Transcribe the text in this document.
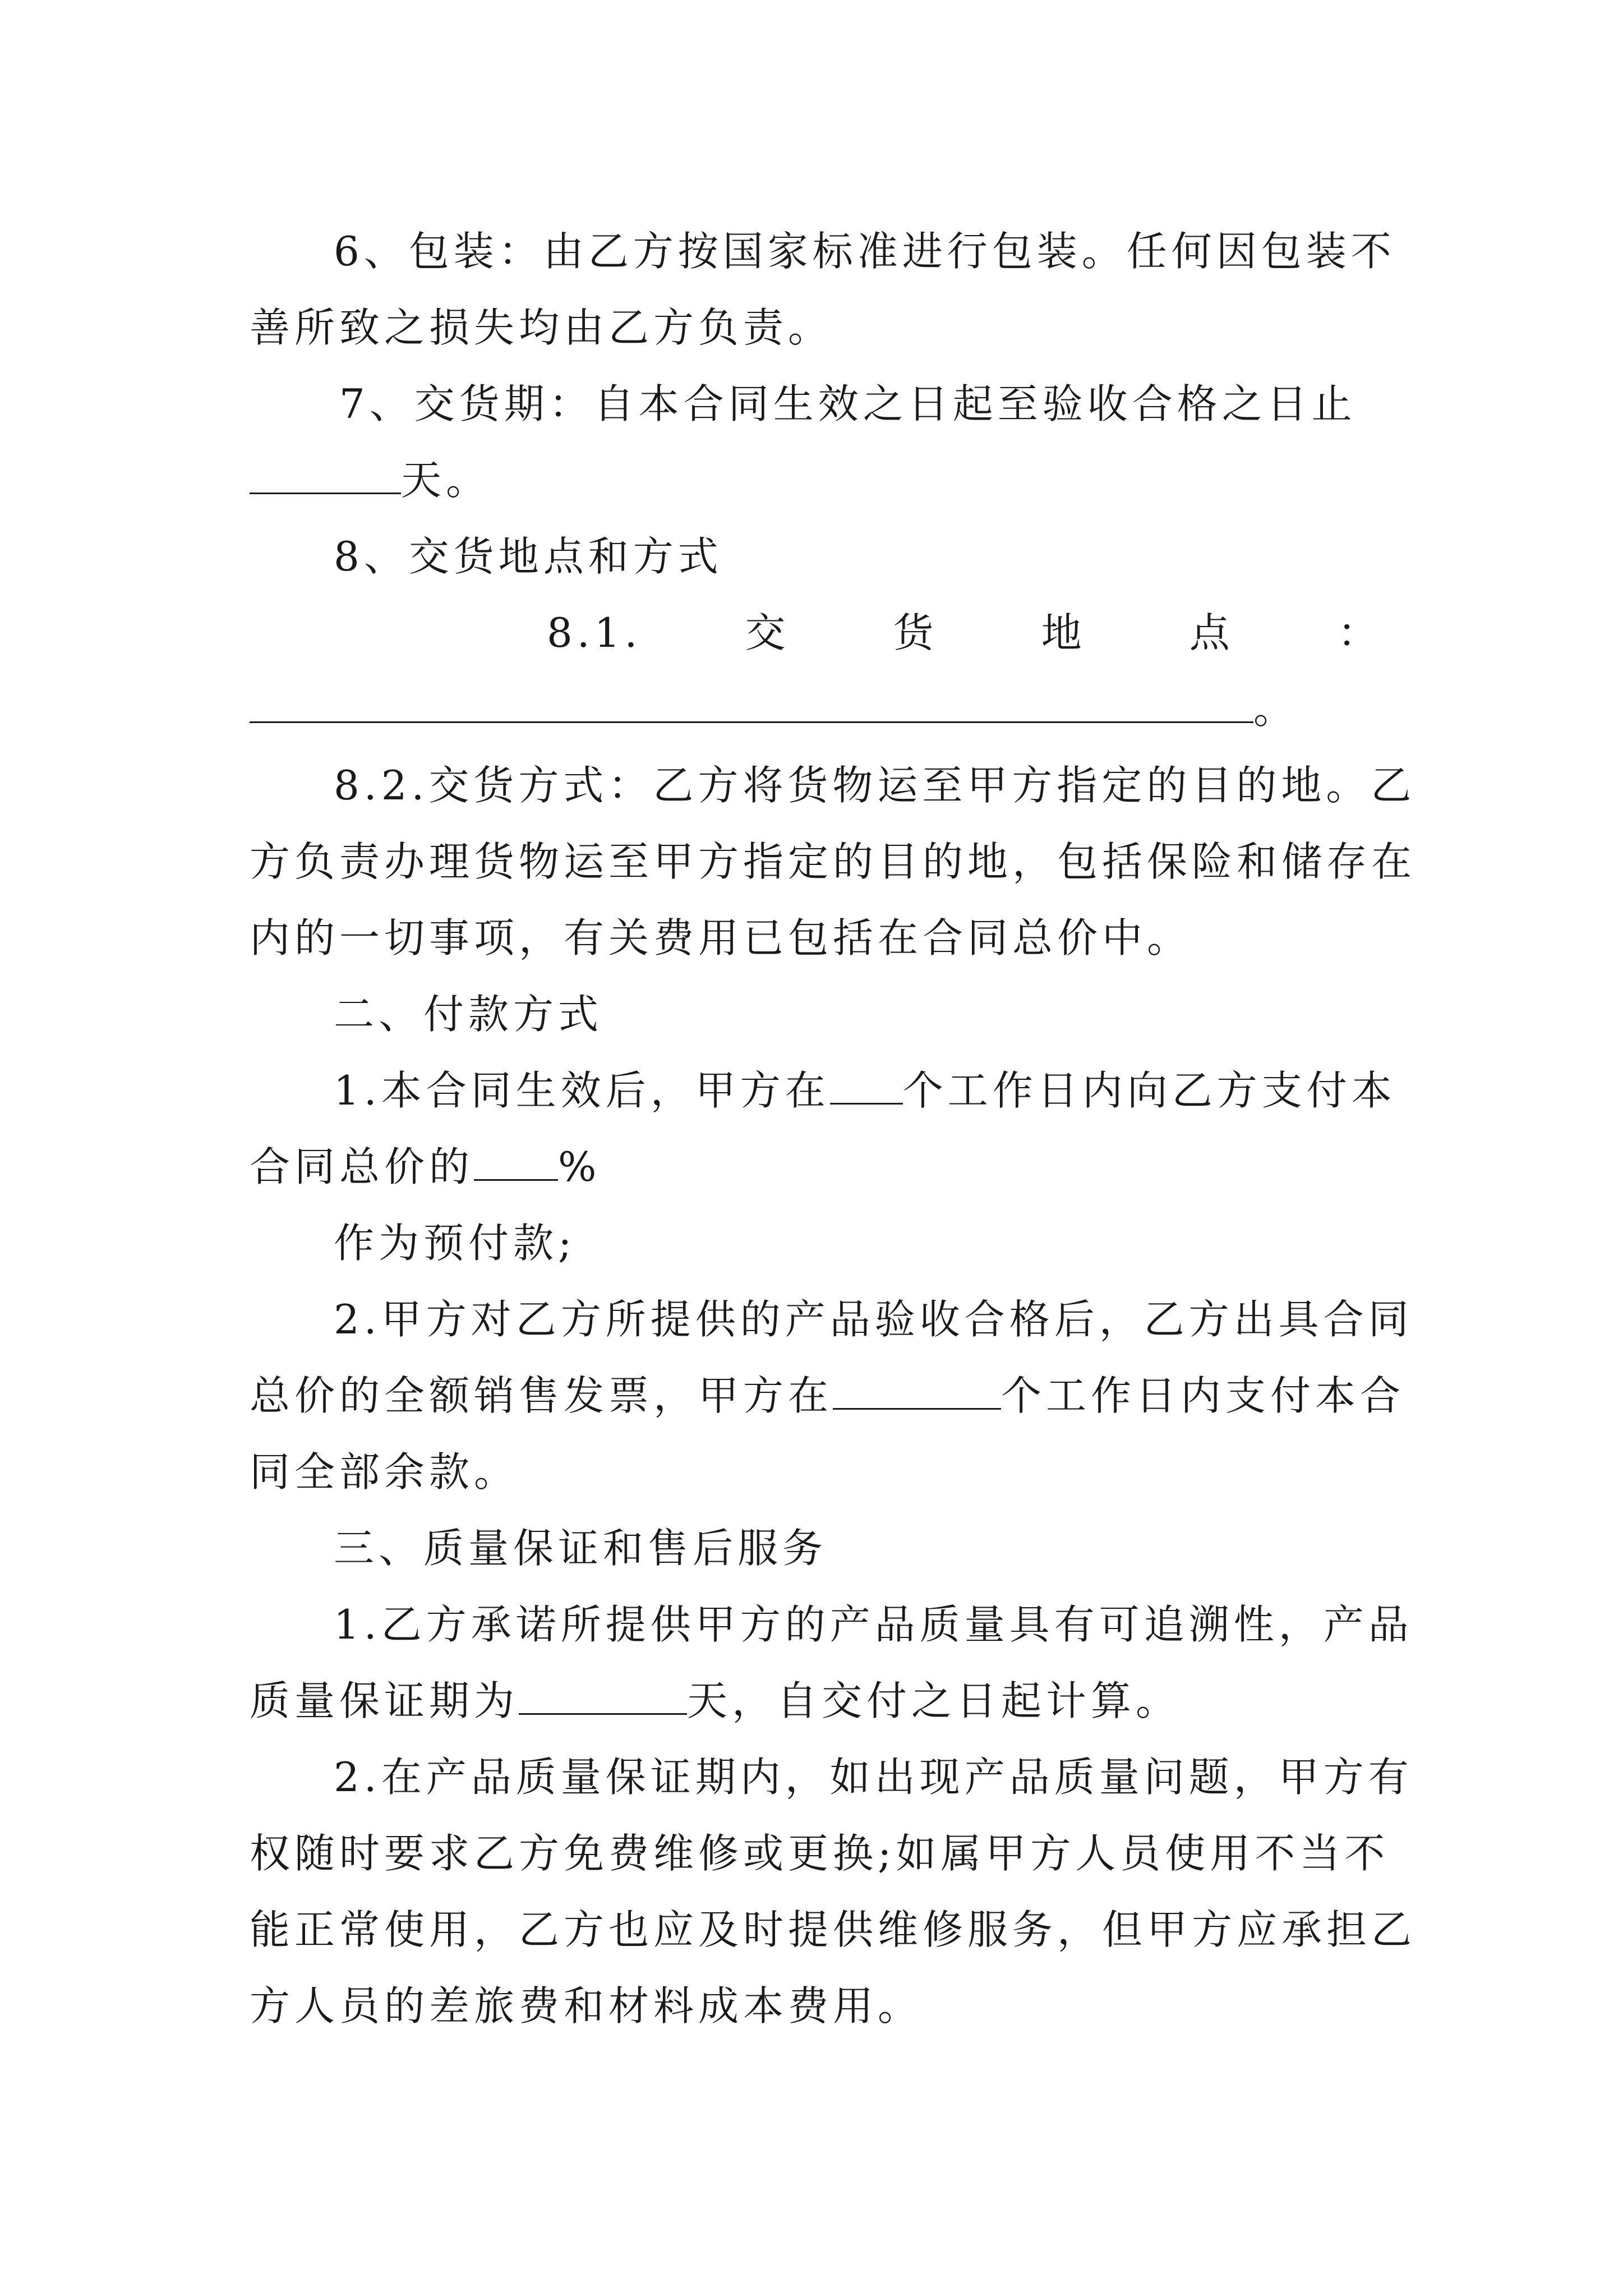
6、包装：由乙方按国家标准进行包装。任何因包装不
善所致之损失均由乙方负责。
7、交货期：自本合同生效之日起至验收合格之日止
天。
8、交货地点和方式
8.1.	交	货	地	点	：
。
8.2.交货方式：乙方将货物运至甲方指定的目的地。乙
方负责办理货物运至甲方指定的目的地，包括保险和储存在
内的一切事项，有关费用已包括在合同总价中。
二、付款方式
1.本合同生效后，甲方在 个工作日内向乙方支付本
合同总价的 %
作为预付款;
2.甲方对乙方所提供的产品验收合格后，乙方出具合同
总价的全额销售发票，甲方在	个工作日内支付本合
同全部余款。
三、质量保证和售后服务
1.乙方承诺所提供甲方的产品质量具有可追溯性，产品
质量保证期为	天，自交付之日起计算。
2.在产品质量保证期内，如出现产品质量问题，甲方有
权随时要求乙方免费维修或更换;如属甲方人员使用不当不
能正常使用，乙方也应及时提供维修服务，但甲方应承担乙
方人员的差旅费和材料成本费用。
